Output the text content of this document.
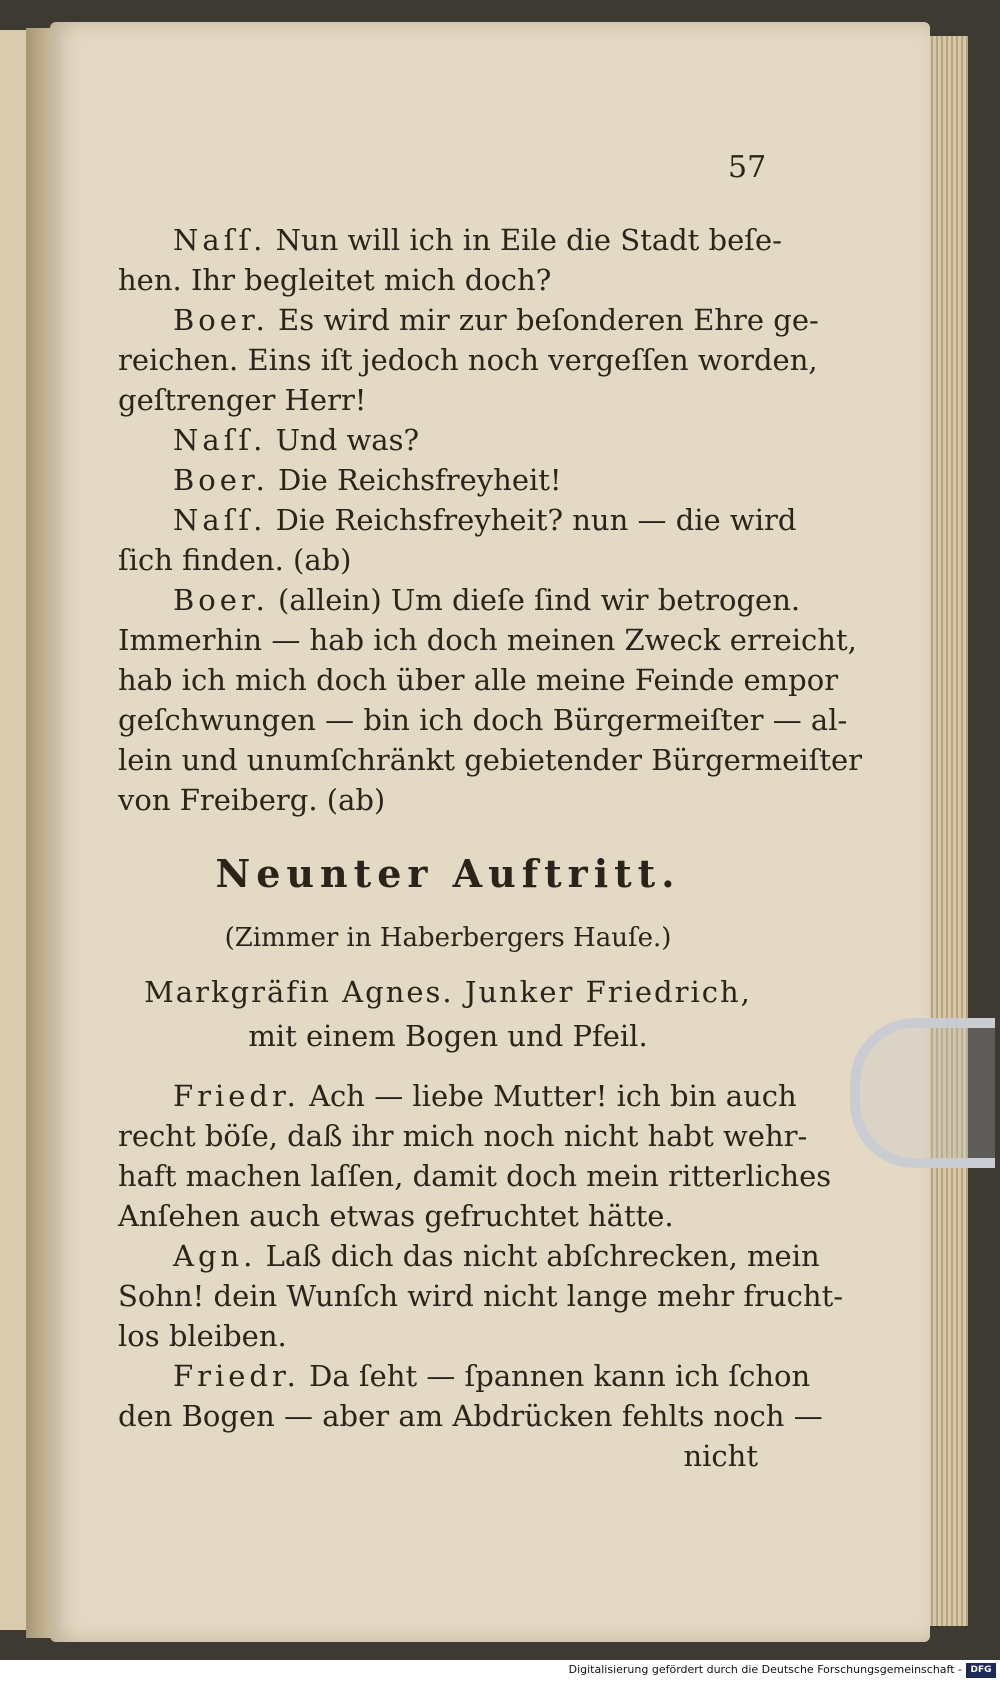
57
Naſſ. Nun will ich in Eile die Stadt beſe-
hen. Ihr begleitet mich doch?
Boer. Es wird mir zur beſonderen Ehre ge-
reichen. Eins iſt jedoch noch vergeſſen worden,
geſtrenger Herr!
Naſſ. Und was?
Boer. Die Reichsfreyheit!
Naſſ. Die Reichsfreyheit? nun — die wird
ſich finden. (ab)
Boer. (allein) Um dieſe ſind wir betrogen.
Immerhin — hab ich doch meinen Zweck erreicht,
hab ich mich doch über alle meine Feinde empor
geſchwungen — bin ich doch Bürgermeiſter — al-
lein und unumſchränkt gebietender Bürgermeiſter
von Freiberg. (ab)
Neunter Auftritt.
(Zimmer in Haberbergers Hauſe.)
Markgräfin Agnes. Junker Friedrich,
mit einem Bogen und Pfeil.
Friedr. Ach — liebe Mutter! ich bin auch
recht böſe, daß ihr mich noch nicht habt wehr-
haft machen laſſen, damit doch mein ritterliches
Anſehen auch etwas gefruchtet hätte.
Agn. Laß dich das nicht abſchrecken, mein
Sohn! dein Wunſch wird nicht lange mehr frucht-
los bleiben.
Friedr. Da ſeht — ſpannen kann ich ſchon
den Bogen — aber am Abdrücken fehlts noch —
nicht
Digitalisierung gefördert durch die Deutsche Forschungsgemeinschaft - DFG
